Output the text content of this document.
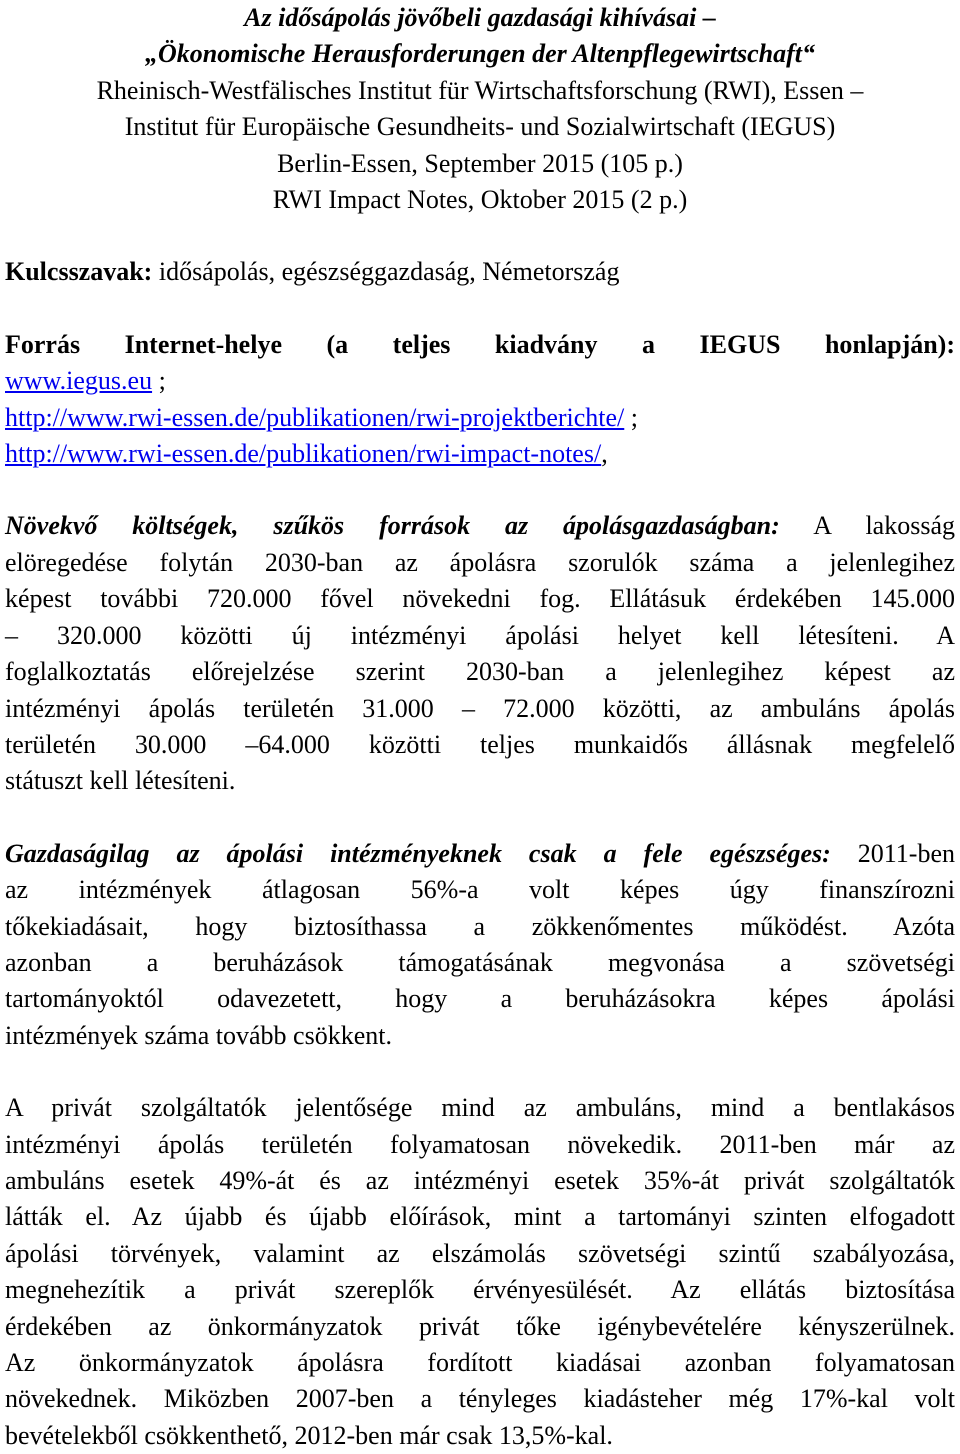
Az idősápolás jövőbeli gazdasági kihívásai –
„Ökonomische Herausforderungen der Altenpflegewirtschaft“
Rheinisch-Westfälisches Institut für Wirtschaftsforschung (RWI), Essen –
Institut für Europäische Gesundheits- und Sozialwirtschaft (IEGUS)
Berlin-Essen, September 2015 (105 p.)
RWI Impact Notes, Oktober 2015 (2 p.)

Kulcsszavak: idősápolás, egészséggazdaság, Németország

Forrás Internet-helye (a teljes kiadvány a IEGUS honlapján):
www.iegus.eu ;
http://www.rwi-essen.de/publikationen/rwi-projektberichte/ ;
http://www.rwi-essen.de/publikationen/rwi-impact-notes/,
Növekvő költségek, szűkös források az ápolásgazdaságban: A lakosság
elöregedése folytán 2030-ban az ápolásra szorulók száma a jelenlegihez
képest további 720.000 fővel növekedni fog. Ellátásuk érdekében 145.000
– 320.000 közötti új intézményi ápolási helyet kell létesíteni. A
foglalkoztatás előrejelzése szerint 2030-ban a jelenlegihez képest az
intézményi ápolás területén 31.000 – 72.000 közötti, az ambuláns ápolás
területén 30.000 –64.000 közötti teljes munkaidős állásnak megfelelő
státuszt kell létesíteni.
Gazdaságilag az ápolási intézményeknek csak a fele egészséges: 2011-ben
az intézmények átlagosan 56%-a volt képes úgy finanszírozni
tőkekiadásait, hogy biztosíthassa a zökkenőmentes működést. Azóta
azonban a beruházások támogatásának megvonása a szövetségi
tartományoktól odavezetett, hogy a beruházásokra képes ápolási
intézmények száma tovább csökkent.
A privát szolgáltatók jelentősége mind az ambuláns, mind a bentlakásos
intézményi ápolás területén folyamatosan növekedik. 2011-ben már az
ambuláns esetek 49%-át és az intézményi esetek 35%-át privát szolgáltatók
látták el. Az újabb és újabb előírások, mint a tartományi szinten elfogadott
ápolási törvények, valamint az elszámolás szövetségi szintű szabályozása,
megnehezítik a privát szereplők érvényesülését. Az ellátás biztosítása
érdekében az önkormányzatok privát tőke igénybevételére kényszerülnek.
Az önkormányzatok ápolásra fordított kiadásai azonban folyamatosan
növekednek. Miközben 2007-ben a tényleges kiadásteher még 17%-kal volt
bevételekből csökkenthető, 2012-ben már csak 13,5%-kal.
